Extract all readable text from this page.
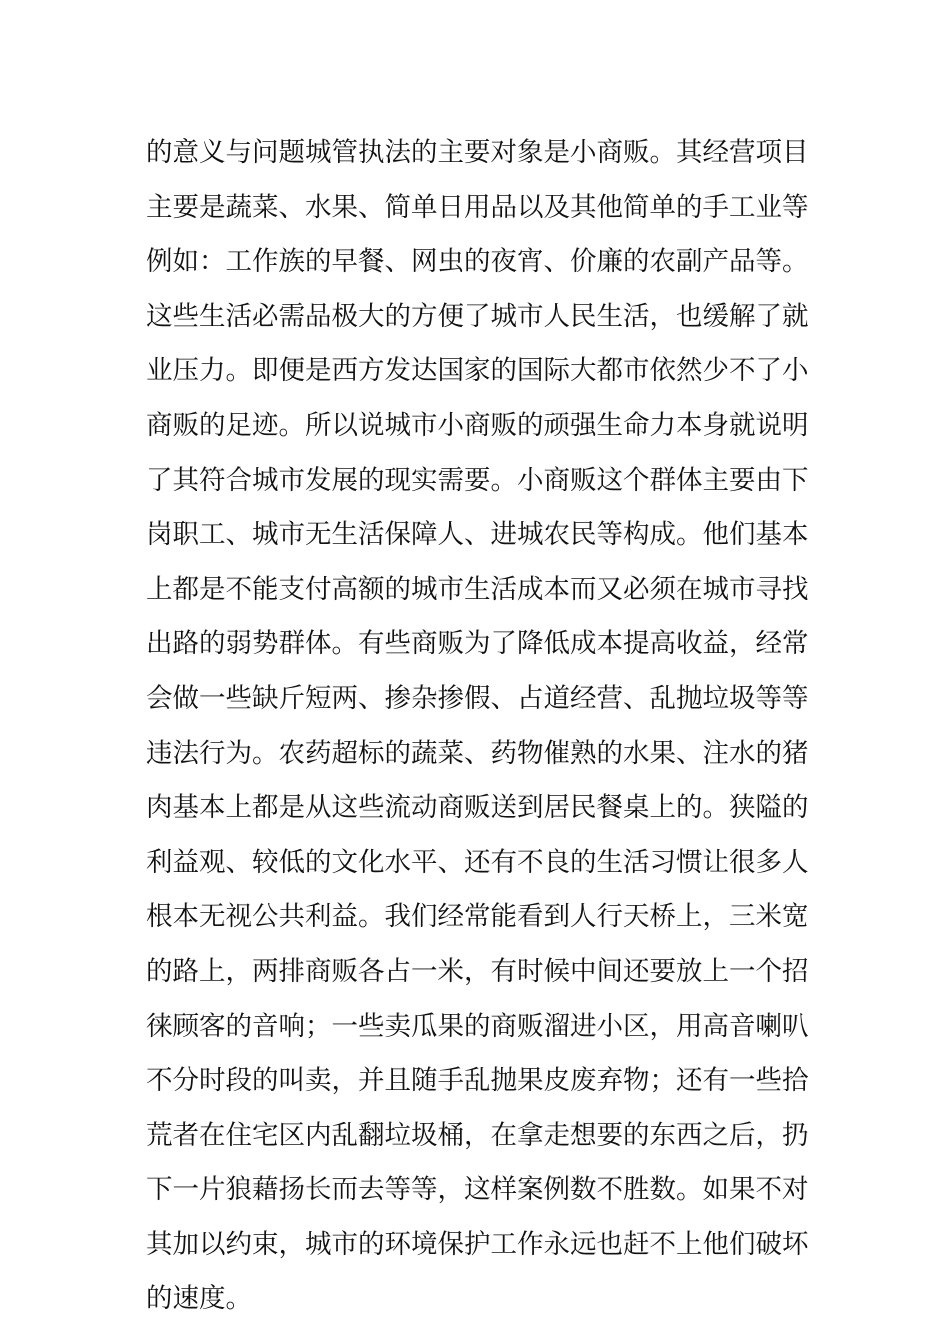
的意义与问题城管执法的主要对象是小商贩。其经营项目
主要是蔬菜、水果、简单日用品以及其他简单的手工业等
例如：工作族的早餐、网虫的夜宵、价廉的农副产品等。
这些生活必需品极大的方便了城市人民生活，也缓解了就
业压力。即便是西方发达国家的国际大都市依然少不了小
商贩的足迹。所以说城市小商贩的顽强生命力本身就说明
了其符合城市发展的现实需要。小商贩这个群体主要由下
岗职工、城市无生活保障人、进城农民等构成。他们基本
上都是不能支付高额的城市生活成本而又必须在城市寻找
出路的弱势群体。有些商贩为了降低成本提高收益，经常
会做一些缺斤短两、掺杂掺假、占道经营、乱抛垃圾等等
违法行为。农药超标的蔬菜、药物催熟的水果、注水的猪
肉基本上都是从这些流动商贩送到居民餐桌上的。狭隘的
利益观、较低的文化水平、还有不良的生活习惯让很多人
根本无视公共利益。我们经常能看到人行天桥上，三米宽
的路上，两排商贩各占一米，有时候中间还要放上一个招
徕顾客的音响；一些卖瓜果的商贩溜进小区，用高音喇叭
不分时段的叫卖，并且随手乱抛果皮废弃物；还有一些拾
荒者在住宅区内乱翻垃圾桶，在拿走想要的东西之后，扔
下一片狼藉扬长而去等等，这样案例数不胜数。如果不对
其加以约束，城市的环境保护工作永远也赶不上他们破坏
的速度。
